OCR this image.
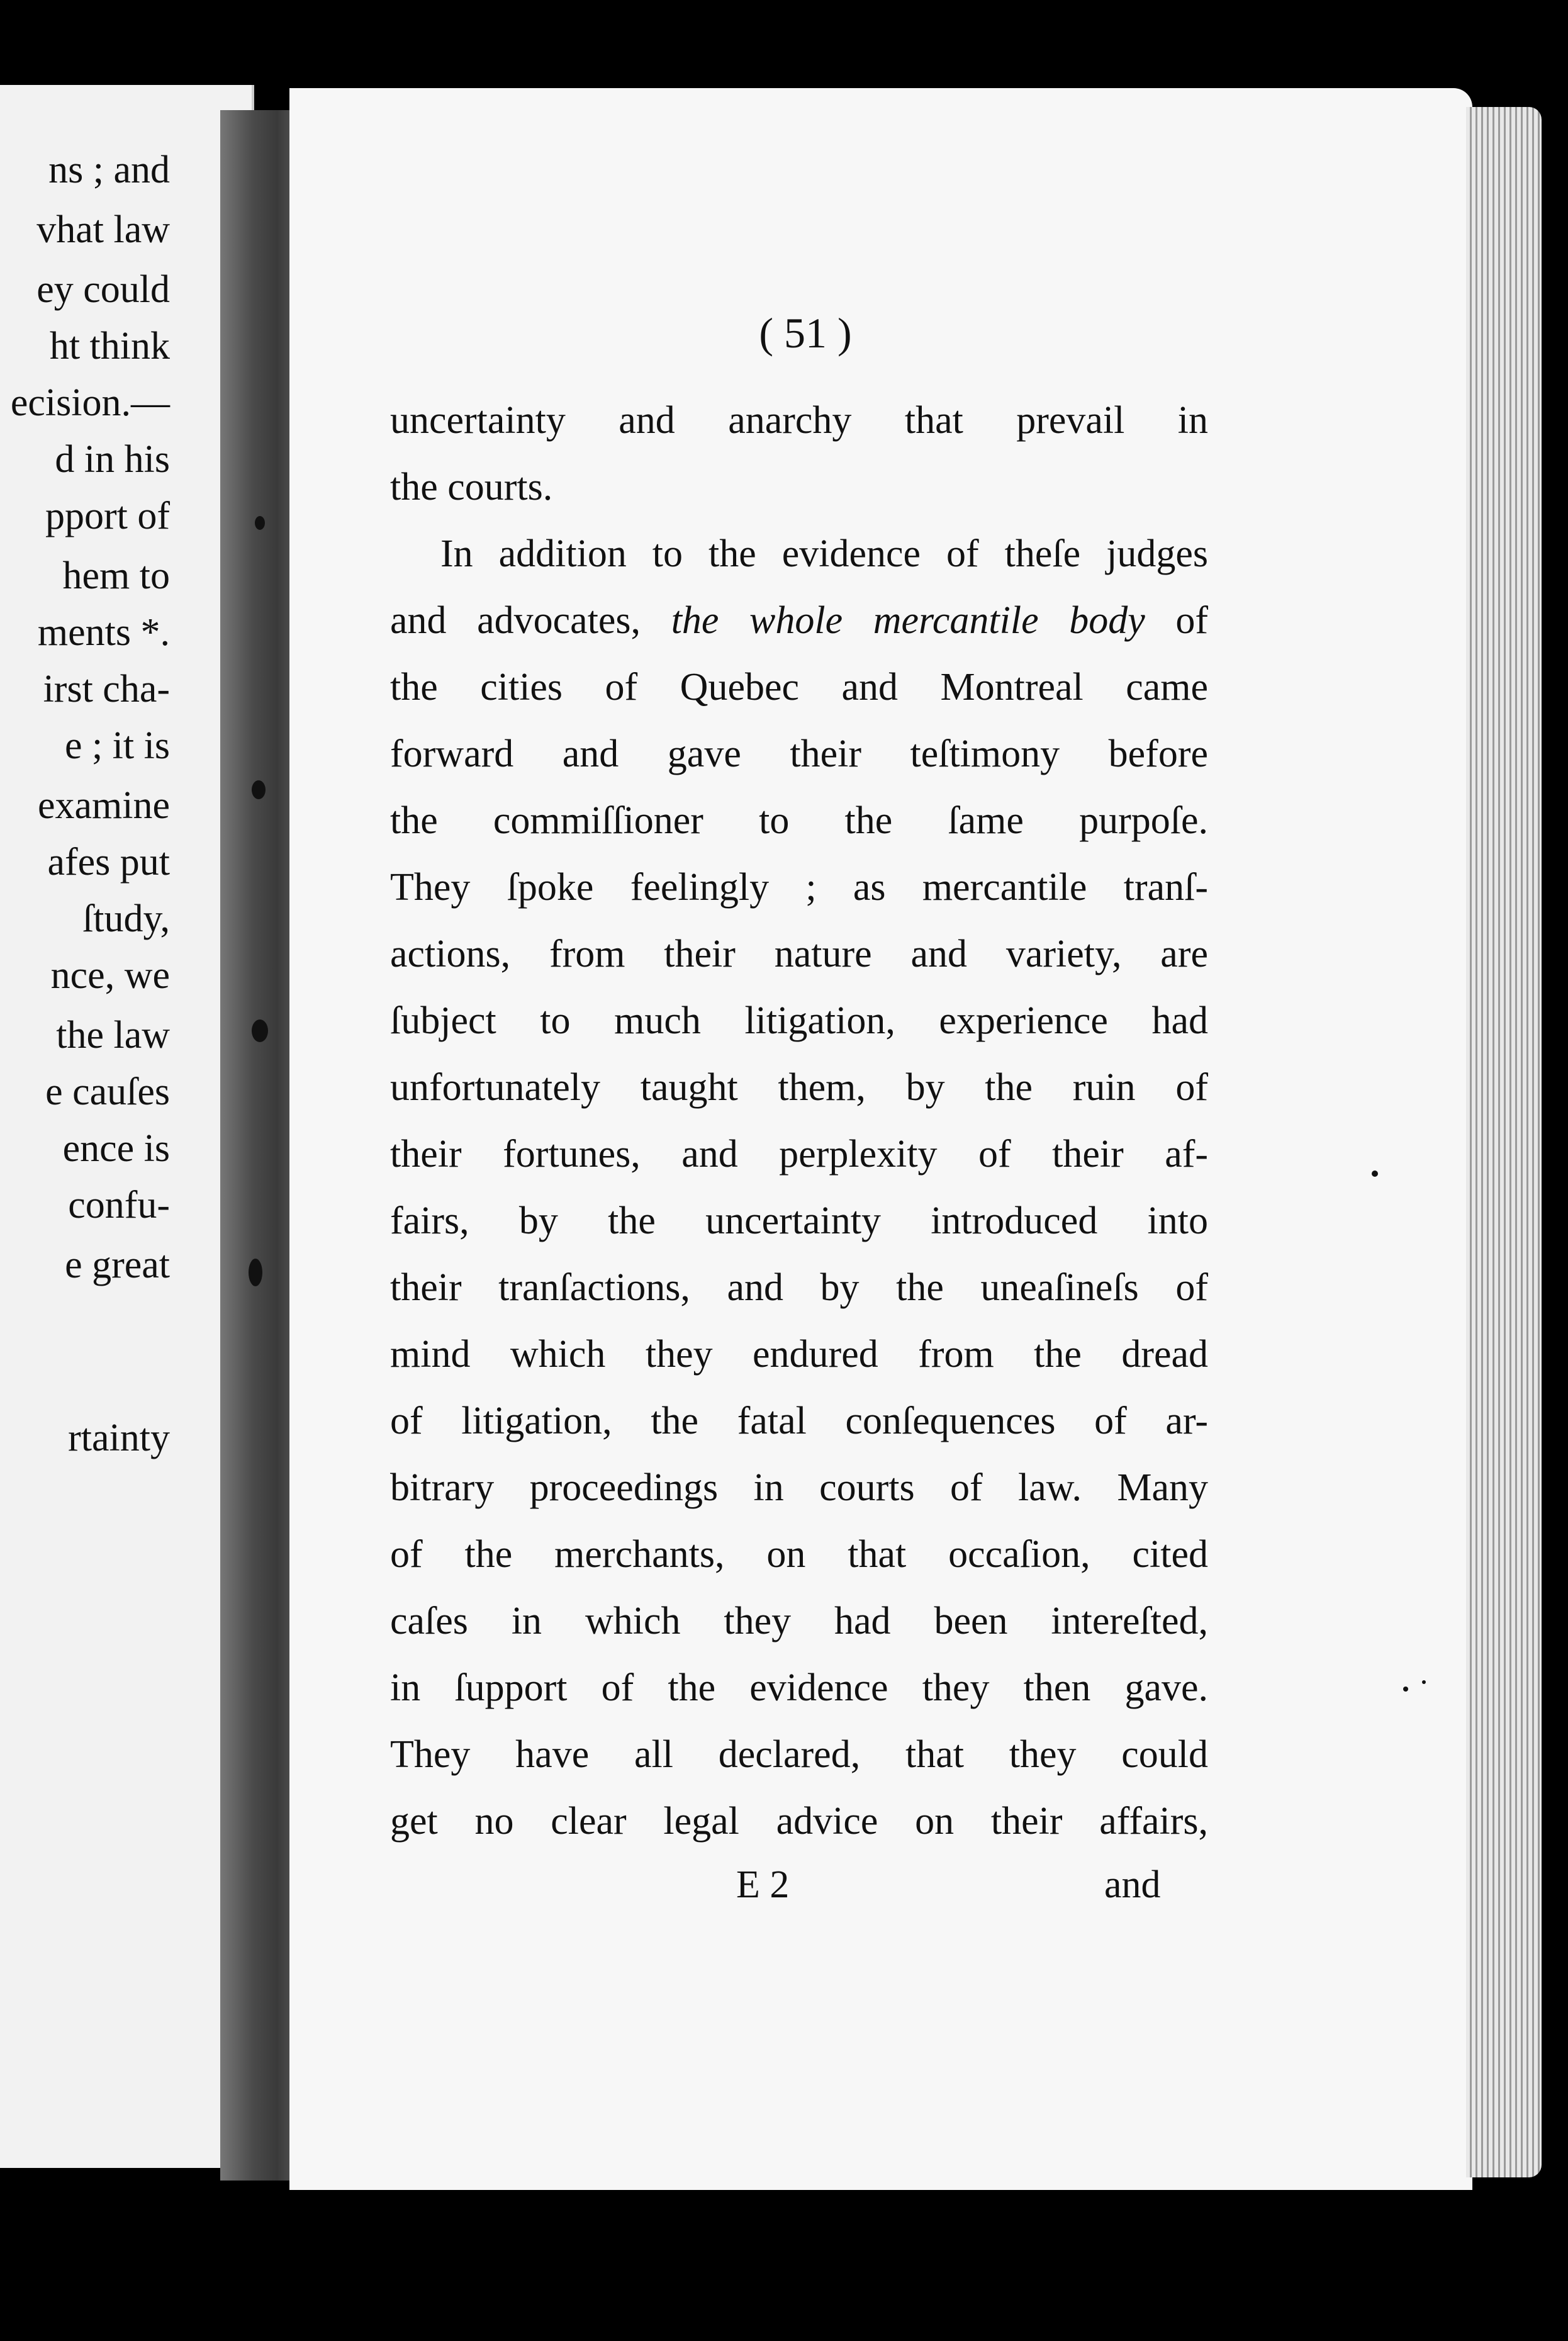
ns ; and
vhat law
ey could
ht think
ecision.—
d in his
pport of
hem to
ments *.
irst cha-
e ; it is
examine
afes put
ſtudy,
nce, we
the law
e cauſes
ence is
confu-
e great
rtainty
( 51 )
uncertainty and anarchy that prevail in
the courts.
In addition to the evidence of theſe judges
and advocates, the whole mercantile body of
the cities of Quebec and Montreal came
forward and gave their teſtimony before
the commiſſioner to the ſame purpoſe.
They ſpoke feelingly ; as mercantile tranſ-
actions, from their nature and variety, are
ſubject to much litigation, experience had
unfortunately taught them, by the ruin of
their fortunes, and perplexity of their af-
fairs, by the uncertainty introduced into
their tranſactions, and by the uneaſineſs of
mind which they endured from the dread
of litigation, the fatal conſequences of ar-
bitrary proceedings in courts of law. Many
of the merchants, on that occaſion, cited
caſes in which they had been intereſted,
in ſupport of the evidence they then gave.
They have all declared, that they could
get no clear legal advice on their affairs,
E 2	and
